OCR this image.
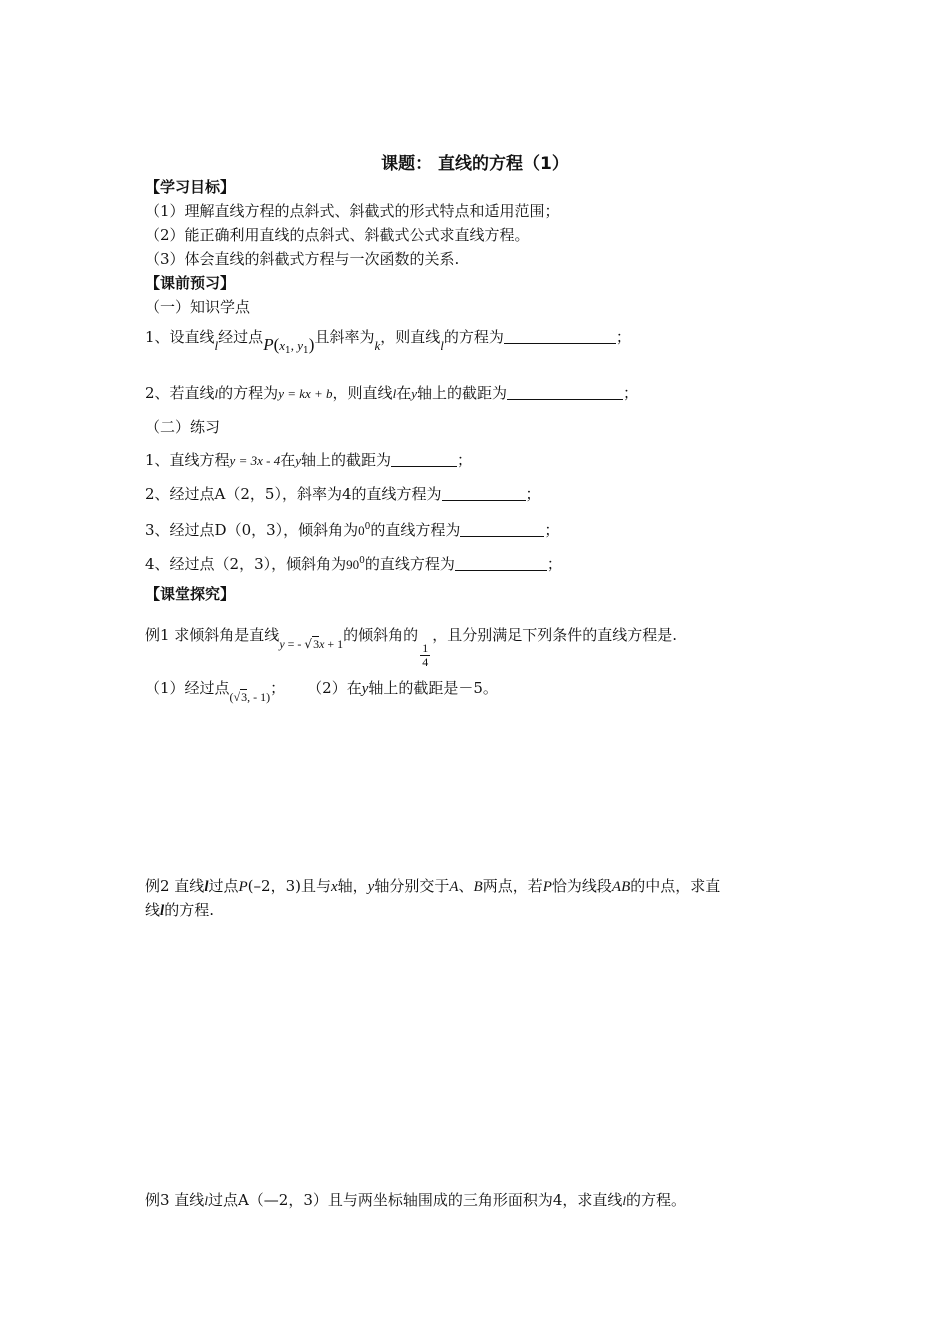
课题： 直线的方程（1）
【学习目标】
（1）理解直线方程的点斜式、斜截式的形式特点和适用范围；
（2）能正确利用直线的点斜式、斜截式公式求直线方程。
（3）体会直线的斜截式方程与一次函数的关系.
【课前预习】
（一）知识学点
1、设直线l经过点$P(x_1$, $y_1$)且斜率为k，则直线l的方程为	；
2、若直线l的方程为y = kx + b，则直线l在y轴上的截距为	；
（二）练习
1、直线方程y = 3x - 4在y轴上的截距为	；
2、经过点A（2，5），斜率为4的直线方程为	；
3、经过点D（0，3），倾斜角为$0^0$的直线方程为	；
4、经过点（2，3），倾斜角为$90^0$的直线方程为	；
【课堂探究】
例1 求倾斜角是直线y = - √3x + 1的倾斜角的
$\frac{1}{4}$
，且分别满足下列条件的直线方程是.
（1）经过点(√3, - 1)； （2）在y轴上的截距是－5。
例2 直线l过点P(–2，3)且与x轴，y轴分别交于A、B两点，若P恰为线段AB的中点，求直
线l的方程.
例3 直线l过点A（—2，3）且与两坐标轴围成的三角形面积为4，求直线l的方程。
